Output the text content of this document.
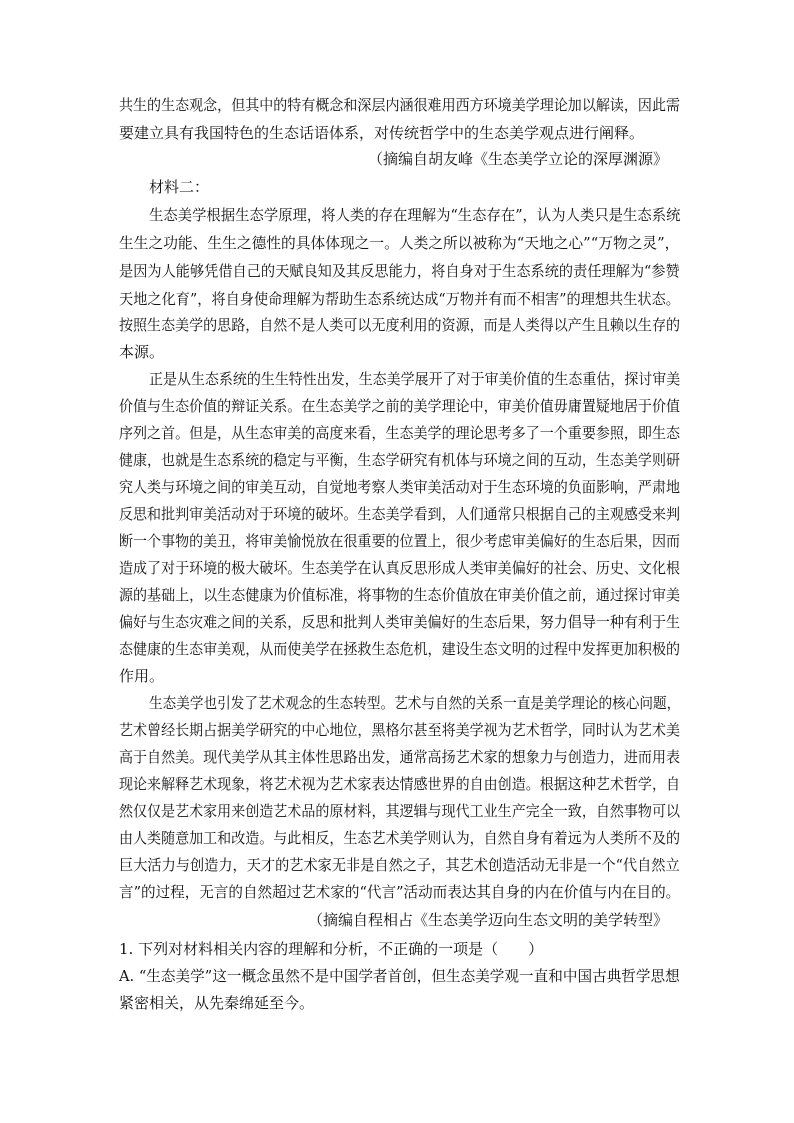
共生的生态观念，但其中的特有概念和深层内涵很难用西方环境美学理论加以解读，因此需
要建立具有我国特色的生态话语体系，对传统哲学中的生态美学观点进行阐释。
（摘编自胡友峰《生态美学立论的深厚渊源》
材料二：
生态美学根据生态学原理，将人类的存在理解为“生态存在”，认为人类只是生态系统
生生之功能、生生之德性的具体体现之一。人类之所以被称为“天地之心”“万物之灵”，
是因为人能够凭借自己的天赋良知及其反思能力，将自身对于生态系统的责任理解为“参赞
天地之化育”，将自身使命理解为帮助生态系统达成“万物并有而不相害”的理想共生状态。
按照生态美学的思路，自然不是人类可以无度利用的资源，而是人类得以产生且赖以生存的
本源。
正是从生态系统的生生特性出发，生态美学展开了对于审美价值的生态重估，探讨审美
价值与生态价值的辩证关系。在生态美学之前的美学理论中，审美价值毋庸置疑地居于价值
序列之首。但是，从生态审美的高度来看，生态美学的理论思考多了一个重要参照，即生态
健康，也就是生态系统的稳定与平衡，生态学研究有机体与环境之间的互动，生态美学则研
究人类与环境之间的审美互动，自觉地考察人类审美活动对于生态环境的负面影响，严肃地
反思和批判审美活动对于环境的破坏。生态美学看到，人们通常只根据自己的主观感受来判
断一个事物的美丑，将审美愉悦放在很重要的位置上，很少考虑审美偏好的生态后果，因而
造成了对于环境的极大破坏。生态美学在认真反思形成人类审美偏好的社会、历史、文化根
源的基础上，以生态健康为价值标准，将事物的生态价值放在审美价值之前，通过探讨审美
偏好与生态灾难之间的关系，反思和批判人类审美偏好的生态后果，努力倡导一种有利于生
态健康的生态审美观，从而使美学在拯救生态危机，建设生态文明的过程中发挥更加积极的
作用。
生态美学也引发了艺术观念的生态转型。艺术与自然的关系一直是美学理论的核心问题，
艺术曾经长期占据美学研究的中心地位，黑格尔甚至将美学视为艺术哲学，同时认为艺术美
高于自然美。现代美学从其主体性思路出发，通常高扬艺术家的想象力与创造力，进而用表
现论来解释艺术现象，将艺术视为艺术家表达情感世界的自由创造。根据这种艺术哲学，自
然仅仅是艺术家用来创造艺术品的原材料，其逻辑与现代工业生产完全一致，自然事物可以
由人类随意加工和改造。与此相反，生态艺术美学则认为，自然自身有着远为人类所不及的
巨大活力与创造力，天才的艺术家无非是自然之子，其艺术创造活动无非是一个“代自然立
言”的过程，无言的自然超过艺术家的“代言”活动而表达其自身的内在价值与内在目的。
（摘编自程相占《生态美学迈向生态文明的美学转型》
1. 下列对材料相关内容的理解和分析，不正确的一项是（　　）
A. “生态美学”这一概念虽然不是中国学者首创，但生态美学观一直和中国古典哲学思想
紧密相关，从先秦绵延至今。
